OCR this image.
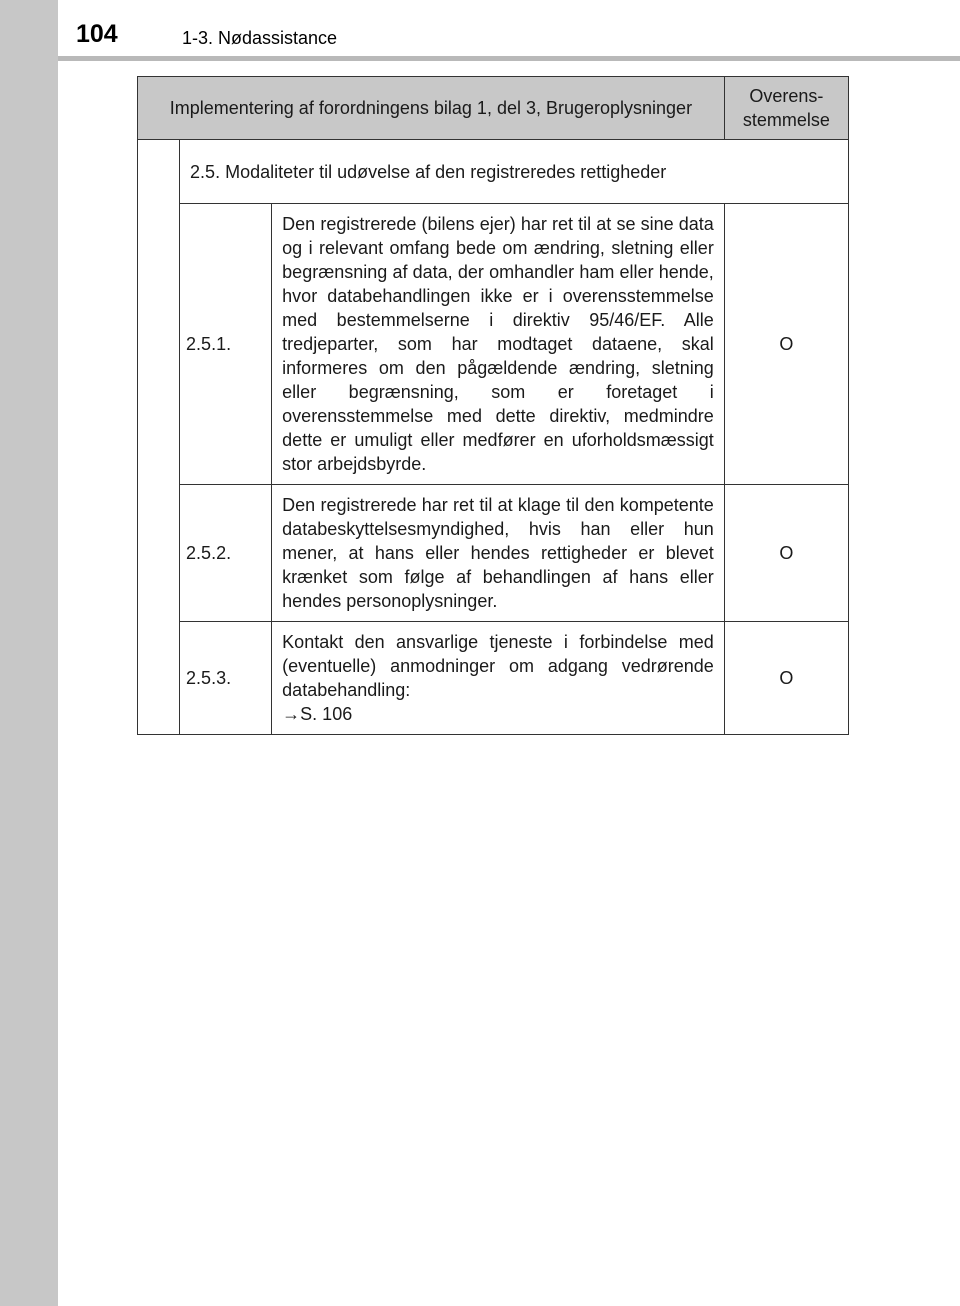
104	1-3. Nødassistance
Implementering af forordningens bilag 1, del 3, Brugeroplysninger			Overens-stemmelse

	2.5. Modaliteter til udøvelse af den registreredes rettigheder		
	2.5.1.	Den registrerede (bilens ejer) har ret til at se sine data og i relevant omfang bede om ændring, sletning eller begrænsning af data, der omhandler ham eller hende, hvor databehandlingen ikke er i overensstemmelse med bestemmelserne i direktiv 95/46/EF. Alle tredjeparter, som har modtaget dataene, skal informeres om den pågældende ændring, sletning eller begrænsning, som er foretaget i overensstemmelse med dette direktiv, medmindre dette er umuligt eller medfører en uforholdsmæssigt stor arbejdsbyrde.	O
	2.5.2.	Den registrerede har ret til at klage til den kompetente databeskyttelsesmyndighed, hvis han eller hun mener, at hans eller hendes rettigheder er blevet krænket som følge af behandlingen af hans eller hendes personoplysninger.	O
	2.5.3.	Kontakt den ansvarlige tjeneste i forbindelse med (eventuelle) anmodninger om adgang vedrørende databehandling:
→S. 106	O
